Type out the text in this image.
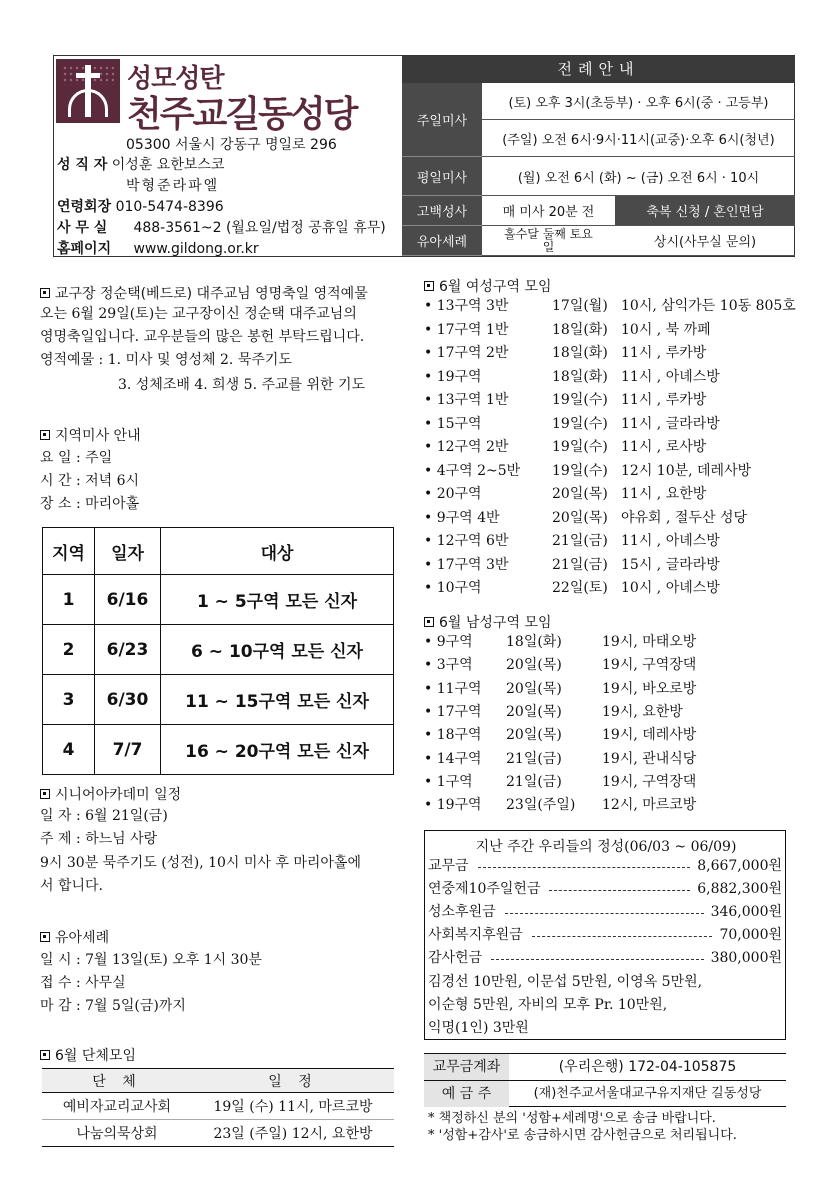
성모성탄
천주교길동성당
05300 서울시 강동구 명일로 296
성 직 자 이성훈 요한보스코
박형준라파엘
연령회장 010-5474-8396
사 무 실 488-3561~2 (월요일/법정 공휴일 휴무)
홈페이지 www.gildong.or.kr
전례안내
주일미사
(토) 오후 3시(초등부) · 오후 6시(중 · 고등부)
(주일) 오전 6시·9시·11시(교중)·오후 6시(청년)
평일미사	(월) 오전 6시 (화) ~ (금) 오전 6시 · 10시
고백성사	매 미사 20분 전	축복 신청 / 혼인면담
유아세례
홀수달 둘째 토요일	상시(사무실 문의)
교구장 정순택(베드로) 대주교님 영명축일 영적예물
오는 6월 29일(토)는 교구장이신 정순택 대주교님의
영명축일입니다. 교우분들의 많은 봉헌 부탁드립니다.
영적예물 : 1. 미사 및 영성체 2. 묵주기도
3. 성체조배 4. 희생 5. 주교를 위한 기도
지역미사 안내
요 일 : 주일
시 간 : 저녁 6시
장 소 : 마리아홀
지역	일자	대상
1	6/16	1 ~ 5구역 모든 신자
2	6/23	6 ~ 10구역 모든 신자
3	6/30	11 ~ 15구역 모든 신자
4	7/7	16 ~ 20구역 모든 신자
시니어아카데미 일정
일 자 : 6월 21일(금)
주 제 : 하느님 사랑
9시 30분 묵주기도 (성전), 10시 미사 후 마리아홀에
서 합니다.
유아세례
일 시 : 7월 13일(토) 오후 1시 30분
접 수 : 사무실
마 감 : 7월 5일(금)까지
6월 단체모임
단 체	일 정
예비자교리교사회	19일 (수) 11시, 마르코방
나눔의묵상회	23일 (주일) 12시, 요한방
6월 여성구역 모임
• 13구역 3반	17일(월) 10시, 삼익가든 10동 805호
• 17구역 1반	18일(화) 10시 , 북 까페
• 17구역 2반	18일(화) 11시 , 루카방
• 19구역	18일(화) 11시 , 아녜스방
• 13구역 1반	19일(수) 11시 , 루카방
• 15구역	19일(수) 11시 , 글라라방
• 12구역 2반	19일(수) 11시 , 로사방
• 4구역 2~5반 19일(수) 12시 10분, 데레사방
• 20구역	20일(목) 11시 , 요한방
• 9구역 4반	20일(목) 야유회 , 절두산 성당
• 12구역 6반	21일(금) 11시 , 아녜스방
• 17구역 3반	21일(금) 15시 , 글라라방
• 10구역	22일(토) 10시 , 아녜스방
6월 남성구역 모임
• 9구역 18일(화)	19시, 마태오방
• 3구역 20일(목)	19시, 구역장댁
• 11구역 20일(목)	19시, 바오로방
• 17구역 20일(목)	19시, 요한방
• 18구역 20일(목)	19시, 데레사방
• 14구역 21일(금)	19시, 관내식당
• 1구역 21일(금)	19시, 구역장댁
• 19구역 23일(주일) 12시, 마르코방
지난 주간 우리들의 정성(06/03 ~ 06/09)
교무금	8,667,000원
연중제10주일헌금	6,882,300원
성소후원금	346,000원
사회복지후원금	70,000원
감사헌금	380,000원
김경선 10만원, 이문섭 5만원, 이영옥 5만원,
이순형 5만원, 자비의 모후 Pr. 10만원,
익명(1인) 3만원
교무금계좌	(우리은행) 172-04-105875
예 금 주	(재)천주교서울대교구유지재단 길동성당
* 책정하신 분의 '성함+세례명'으로 송금 바랍니다.
* '성함+감사'로 송금하시면 감사헌금으로 처리됩니다.
